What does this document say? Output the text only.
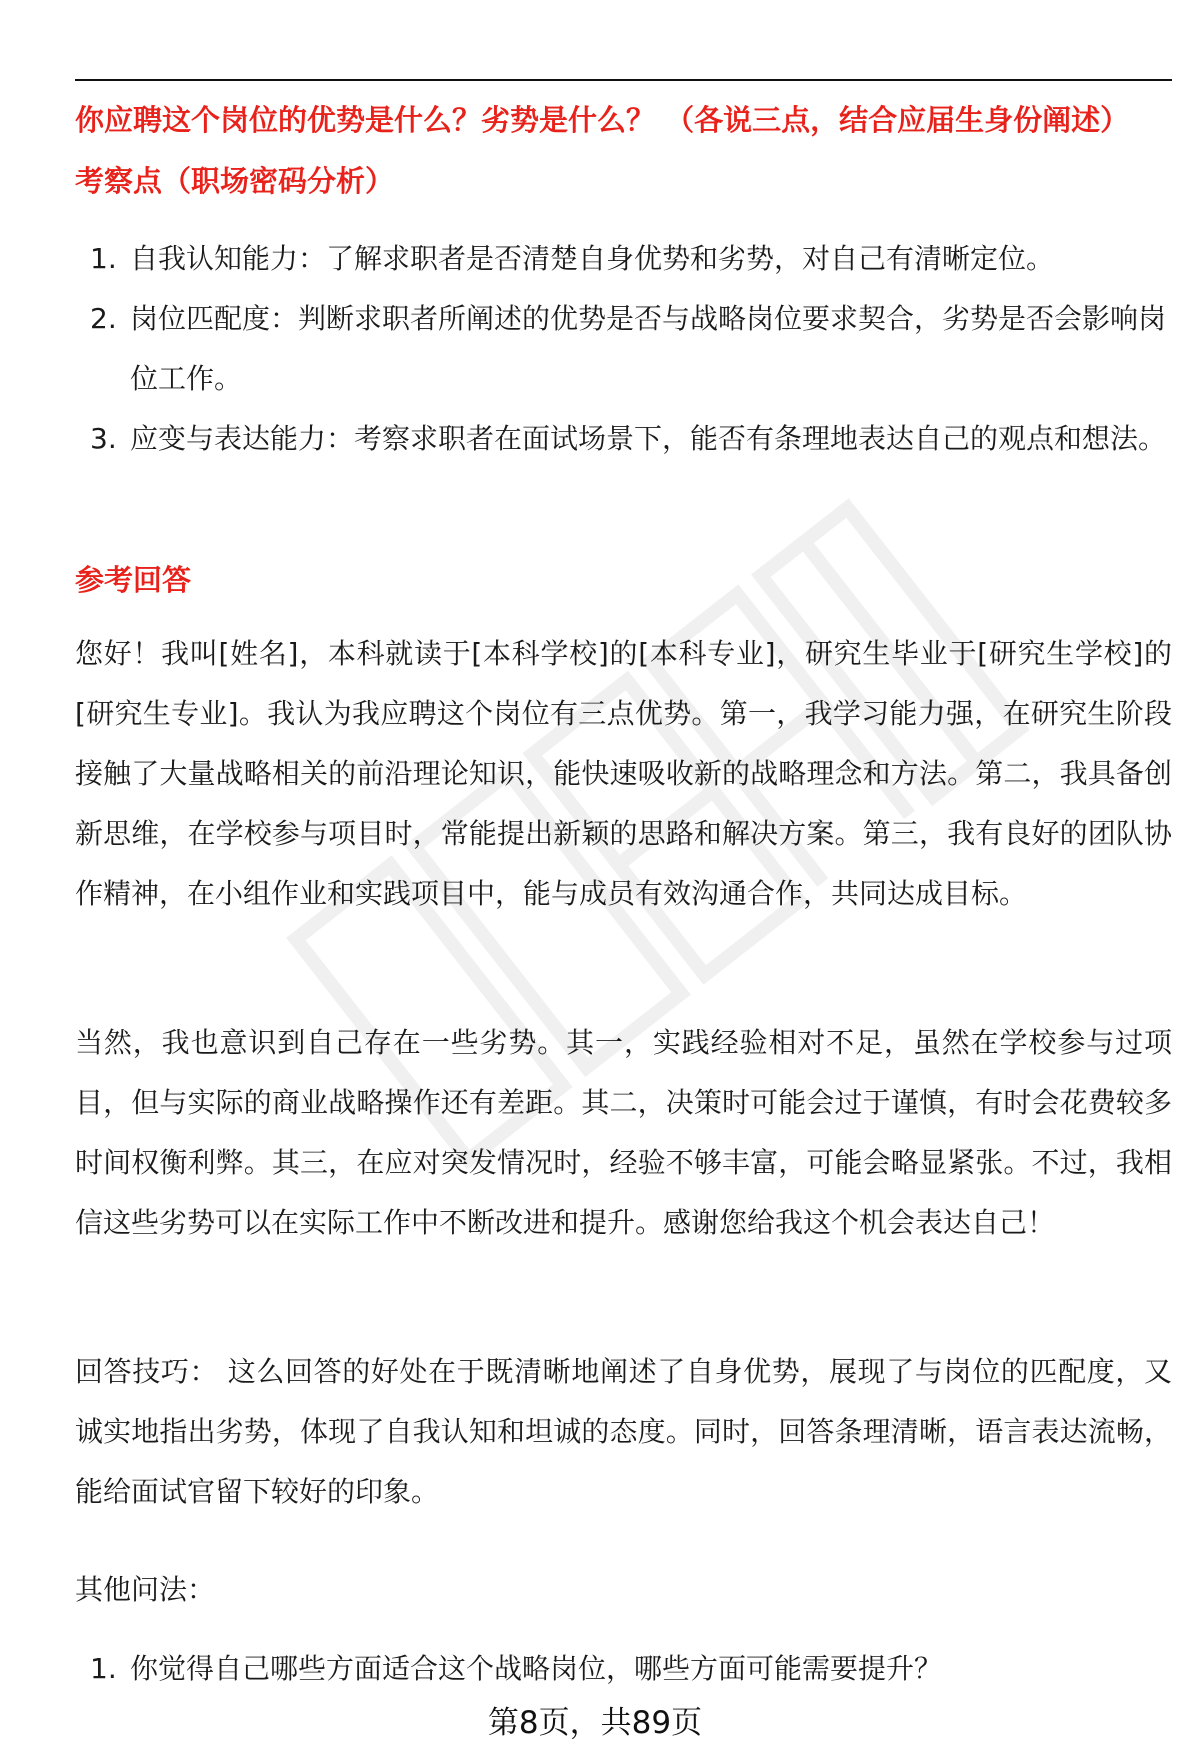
你应聘这个岗位的优势是什么？劣势是什么？ （各说三点，结合应届生身份阐述）
考察点（职场密码分析）
1. 自我认知能力：了解求职者是否清楚自身优势和劣势，对自己有清晰定位。
2. 岗位匹配度：判断求职者所阐述的优势是否与战略岗位要求契合，劣势是否会影响岗位工作。
3. 应变与表达能力：考察求职者在面试场景下，能否有条理地表达自己的观点和想法。
参考回答

您好！我叫[姓名]，本科就读于[本科学校]的[本科专业]，研究生毕业于[研究生学校]的[研究生专业]。我认为我应聘这个岗位有三点优势。第一，我学习能力强，在研究生阶段接触了大量战略相关的前沿理论知识，能快速吸收新的战略理念和方法。第二，我具备创新思维，在学校参与项目时，常能提出新颖的思路和解决方案。第三，我有良好的团队协作精神，在小组作业和实践项目中，能与成员有效沟通合作，共同达成目标。

当然，我也意识到自己存在一些劣势。其一，实践经验相对不足，虽然在学校参与过项目，但与实际的商业战略操作还有差距。其二，决策时可能会过于谨慎，有时会花费较多时间权衡利弊。其三，在应对突发情况时，经验不够丰富，可能会略显紧张。不过，我相信这些劣势可以在实际工作中不断改进和提升。感谢您给我这个机会表达自己！

回答技巧： 这么回答的好处在于既清晰地阐述了自身优势，展现了与岗位的匹配度，又诚实地指出劣势，体现了自我认知和坦诚的态度。同时，回答条理清晰，语言表达流畅，能给面试官留下较好的印象。

其他问法：

1. 你觉得自己哪些方面适合这个战略岗位，哪些方面可能需要提升？
第8页，共89页
